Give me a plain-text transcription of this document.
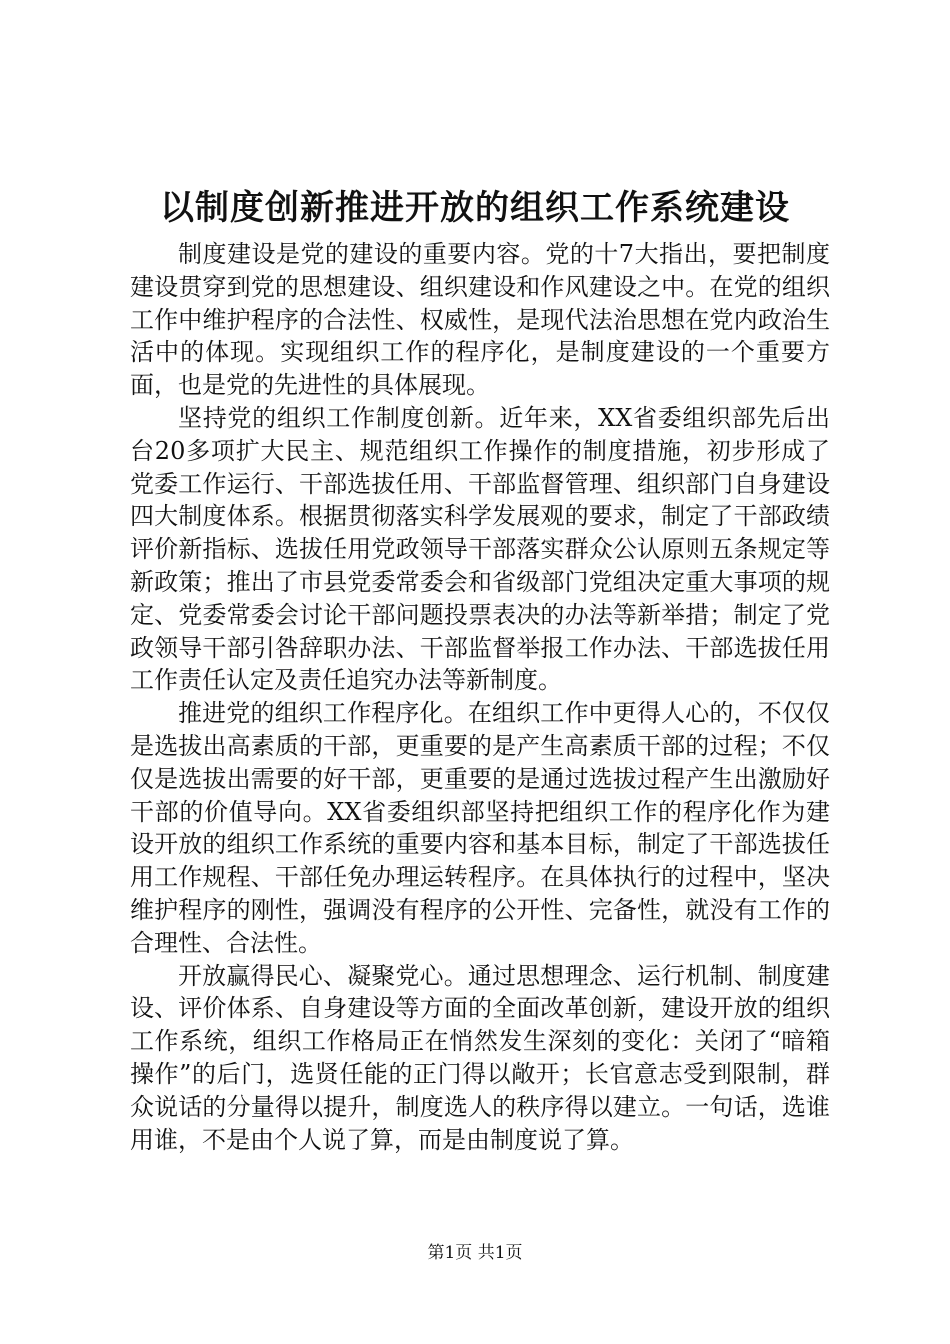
以制度创新推进开放的组织工作系统建设

制度建设是党的建设的重要内容。党的十7大指出，要把制度建设贯穿到党的思想建设、组织建设和作风建设之中。在党的组织工作中维护程序的合法性、权威性，是现代法治思想在党内政治生活中的体现。实现组织工作的程序化，是制度建设的一个重要方面，也是党的先进性的具体展现。

坚持党的组织工作制度创新。近年来，XX省委组织部先后出台20多项扩大民主、规范组织工作操作的制度措施，初步形成了党委工作运行、干部选拔任用、干部监督管理、组织部门自身建设四大制度体系。根据贯彻落实科学发展观的要求，制定了干部政绩评价新指标、选拔任用党政领导干部落实群众公认原则五条规定等新政策；推出了市县党委常委会和省级部门党组决定重大事项的规定、党委常委会讨论干部问题投票表决的办法等新举措；制定了党政领导干部引咎辞职办法、干部监督举报工作办法、干部选拔任用工作责任认定及责任追究办法等新制度。

推进党的组织工作程序化。在组织工作中更得人心的，不仅仅是选拔出高素质的干部，更重要的是产生高素质干部的过程；不仅仅是选拔出需要的好干部，更重要的是通过选拔过程产生出激励好干部的价值导向。XX省委组织部坚持把组织工作的程序化作为建设开放的组织工作系统的重要内容和基本目标，制定了干部选拔任用工作规程、干部任免办理运转程序。在具体执行的过程中，坚决维护程序的刚性，强调没有程序的公开性、完备性，就没有工作的合理性、合法性。

开放赢得民心、凝聚党心。通过思想理念、运行机制、制度建设、评价体系、自身建设等方面的全面改革创新，建设开放的组织工作系统，组织工作格局正在悄然发生深刻的变化：关闭了“暗箱操作”的后门，选贤任能的正门得以敞开；长官意志受到限制，群众说话的分量得以提升，制度选人的秩序得以建立。一句话，选谁用谁，不是由个人说了算，而是由制度说了算。

第1页 共1页
